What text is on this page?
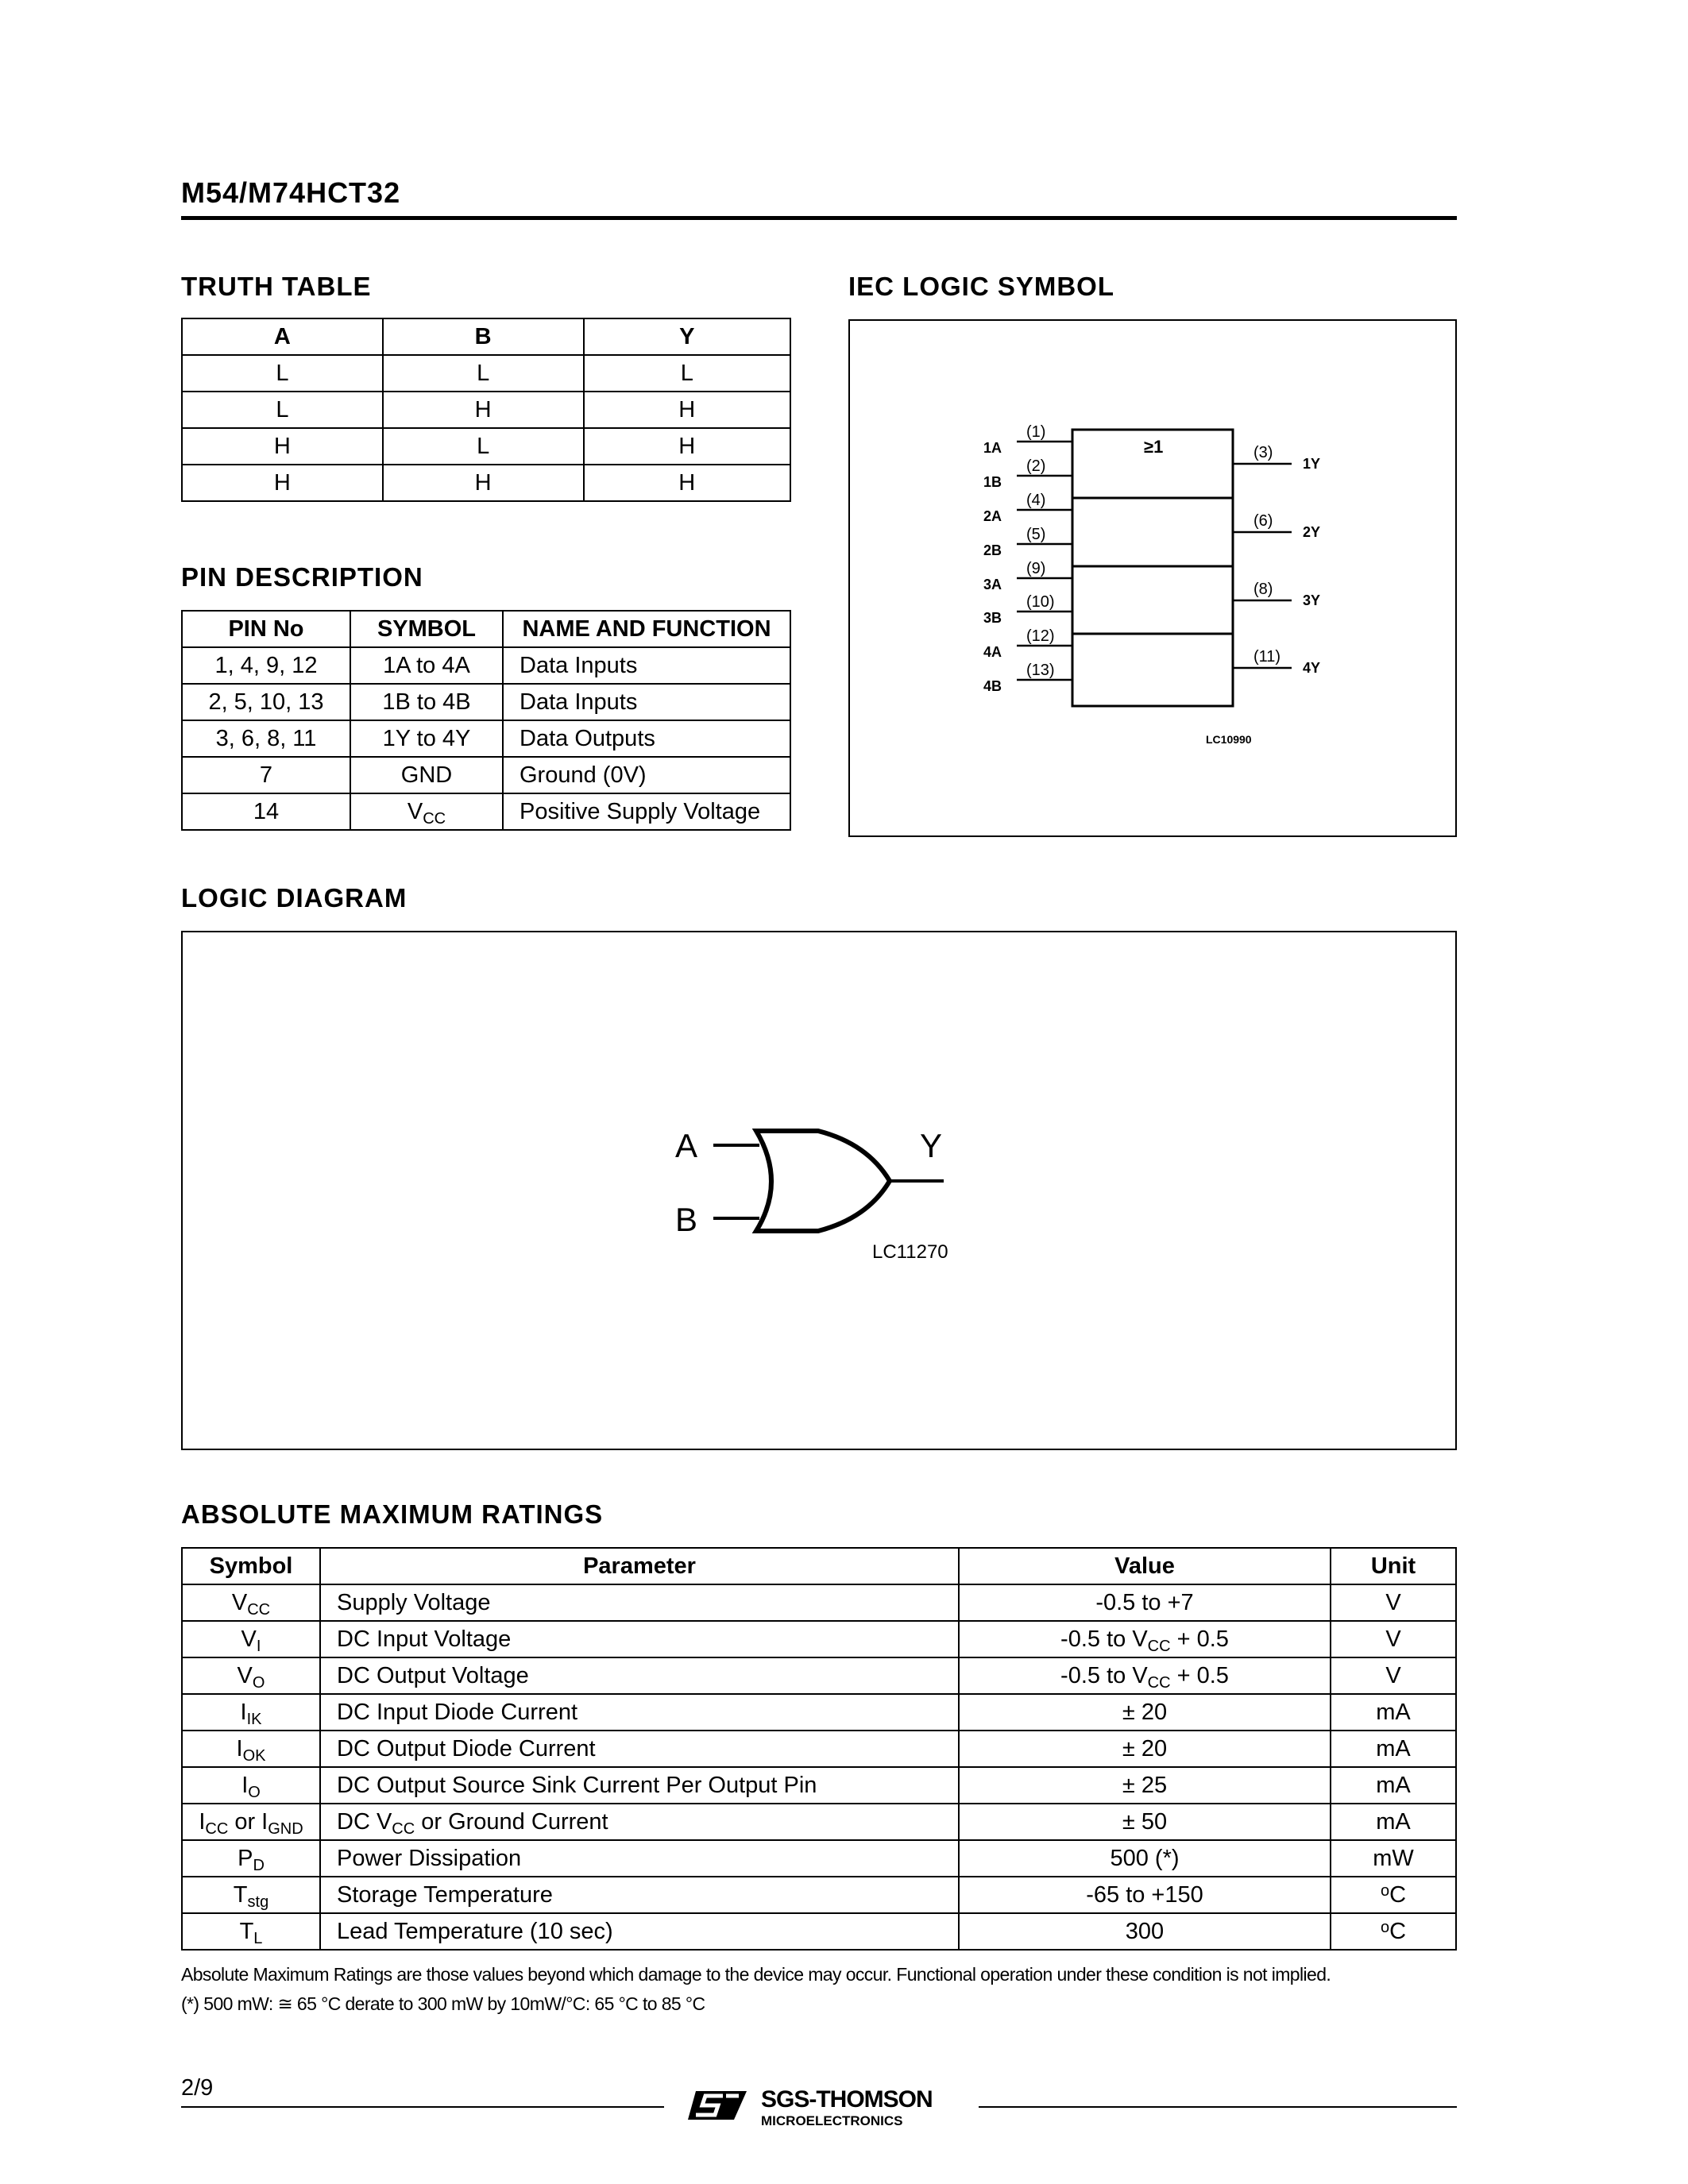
M54/M74HCT32
TRUTH TABLE
A	B	Y
L	L	L
L	H	H
H	L	H
H	H	H
PIN DESCRIPTION
PIN No	SYMBOL	NAME AND FUNCTION
1, 4, 9, 12	1A to 4A	Data Inputs
2, 5, 10, 13	1B to 4B	Data Inputs
3, 6, 8, 11	1Y to 4Y	Data Outputs
7	GND	Ground (0V)
14	$V_{CC}$	Positive Supply Voltage
IEC LOGIC SYMBOL
≥1
LC10990
(1)
1A
(2)
1B
(4)
2A
(5)
2B
(9)
3A
(10)
3B
(12)
4A
(13)
4B
(3)
1Y
(6)
2Y
(8)
3Y
(11)
4Y
LOGIC DIAGRAM
A
B
Y
LC11270
ABSOLUTE MAXIMUM RATINGS
Symbol	Parameter	Value	Unit
$V_{CC}$	Supply Voltage	-0.5 to +7	V
$V_I$	DC Input Voltage	-0.5 to $V_{CC} + 0.5$	V
$V_O$	DC Output Voltage	-0.5 to $V_{CC} + 0.5$	V
$I_{IK}$	DC Input Diode Current	± 20	mA
$I_{OK}$	DC Output Diode Current	± 20	mA
$I_O$	DC Output Source Sink Current Per Output Pin	± 25	mA
$I_{CC}$ or $I_{GND}$	DC $V_{CC}$ or Ground Current	± 50	mA
$P_D$	Power Dissipation	500 (*)	mW
$T_{stg}$	Storage Temperature	-65 to +150	$^o$C
$T_L$	Lead Temperature (10 sec)	300	$^o$C
Absolute Maximum Ratings are those values beyond which damage to the device may occur. Functional operation under these condition is not implied.
(*) 500 mW: ≅ 65 °C derate to 300 mW by 10mW/°C: 65 °C to 85 °C
2/9	SGS-THOMSON
MICROELECTRONICS
